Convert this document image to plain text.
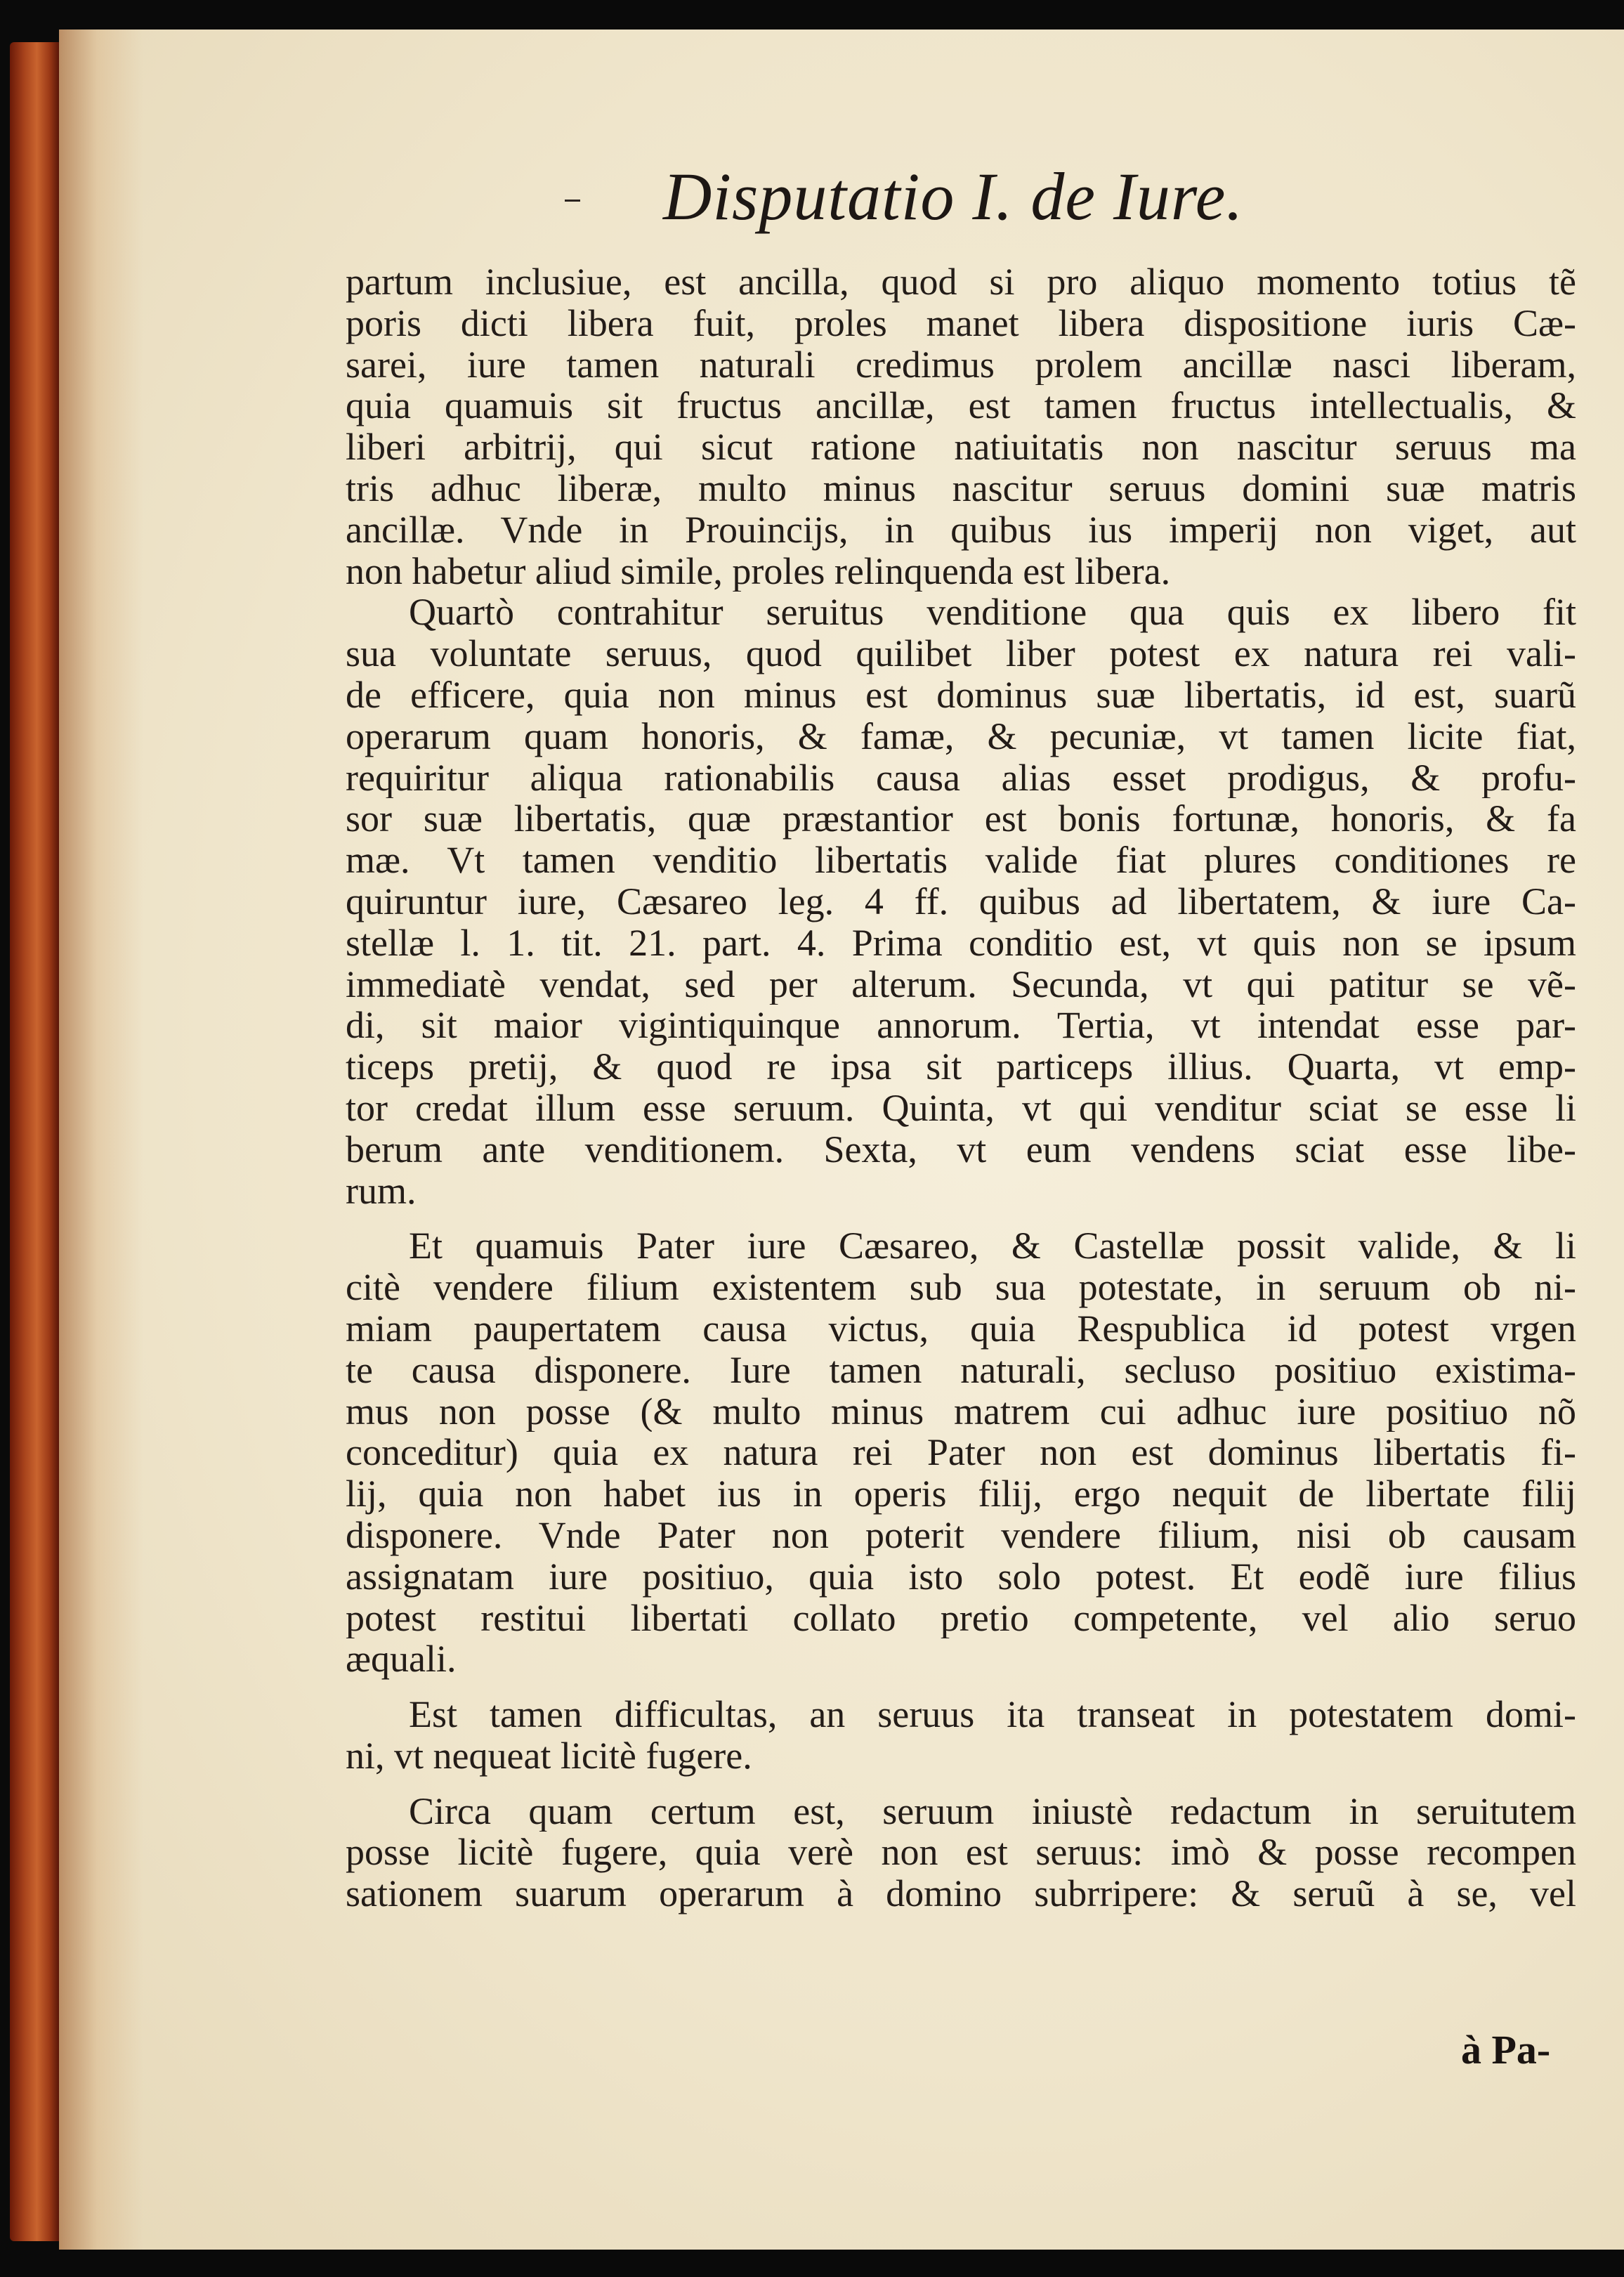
Disputatio I. de Iure.
partum inclusiue, est ancilla, quod si pro aliquo momento totius tẽ
poris dicti libera fuit, proles manet libera dispositione iuris Cæ-
sarei, iure tamen naturali credimus prolem ancillæ nasci liberam,
quia quamuis sit fructus ancillæ, est tamen fructus intellectualis, &
liberi arbitrij, qui sicut ratione natiuitatis non nascitur seruus ma
tris adhuc liberæ, multo minus nascitur seruus domini suæ matris
ancillæ. Vnde in Prouincijs, in quibus ius imperij non viget, aut
non habetur aliud simile, proles relinquenda est libera.
Quartò contrahitur seruitus venditione qua quis ex libero fit
sua voluntate seruus, quod quilibet liber potest ex natura rei vali-
de efficere, quia non minus est dominus suæ libertatis, id est, suarũ
operarum quam honoris, & famæ, & pecuniæ, vt tamen licite fiat,
requiritur aliqua rationabilis causa alias esset prodigus, & profu-
sor suæ libertatis, quæ præstantior est bonis fortunæ, honoris, & fa
mæ. Vt tamen venditio libertatis valide fiat plures conditiones re
quiruntur iure, Cæsareo leg. 4 ff. quibus ad libertatem, & iure Ca-
stellæ l. 1. tit. 21. part. 4. Prima conditio est, vt quis non se ipsum
immediatè vendat, sed per alterum. Secunda, vt qui patitur se vẽ-
di, sit maior vigintiquinque annorum. Tertia, vt intendat esse par-
ticeps pretij, & quod re ipsa sit particeps illius. Quarta, vt emp-
tor credat illum esse seruum. Quinta, vt qui venditur sciat se esse li
berum ante venditionem. Sexta, vt eum vendens sciat esse libe-
rum.
Et quamuis Pater iure Cæsareo, & Castellæ possit valide, & li
citè vendere filium existentem sub sua potestate, in seruum ob ni-
miam paupertatem causa victus, quia Respublica id potest vrgen
te causa disponere. Iure tamen naturali, secluso positiuo existima-
mus non posse (& multo minus matrem cui adhuc iure positiuo nõ
conceditur) quia ex natura rei Pater non est dominus libertatis fi-
lij, quia non habet ius in operis filij, ergo nequit de libertate filij
disponere. Vnde Pater non poterit vendere filium, nisi ob causam
assignatam iure positiuo, quia isto solo potest. Et eodẽ iure filius
potest restitui libertati collato pretio competente, vel alio seruo
æquali.
Est tamen difficultas, an seruus ita transeat in potestatem domi-
ni, vt nequeat licitè fugere.
Circa quam certum est, seruum iniustè redactum in seruitutem
posse licitè fugere, quia verè non est seruus: imò & posse recompen
sationem suarum operarum à domino subrripere: & seruũ à se, vel
à Pa-
